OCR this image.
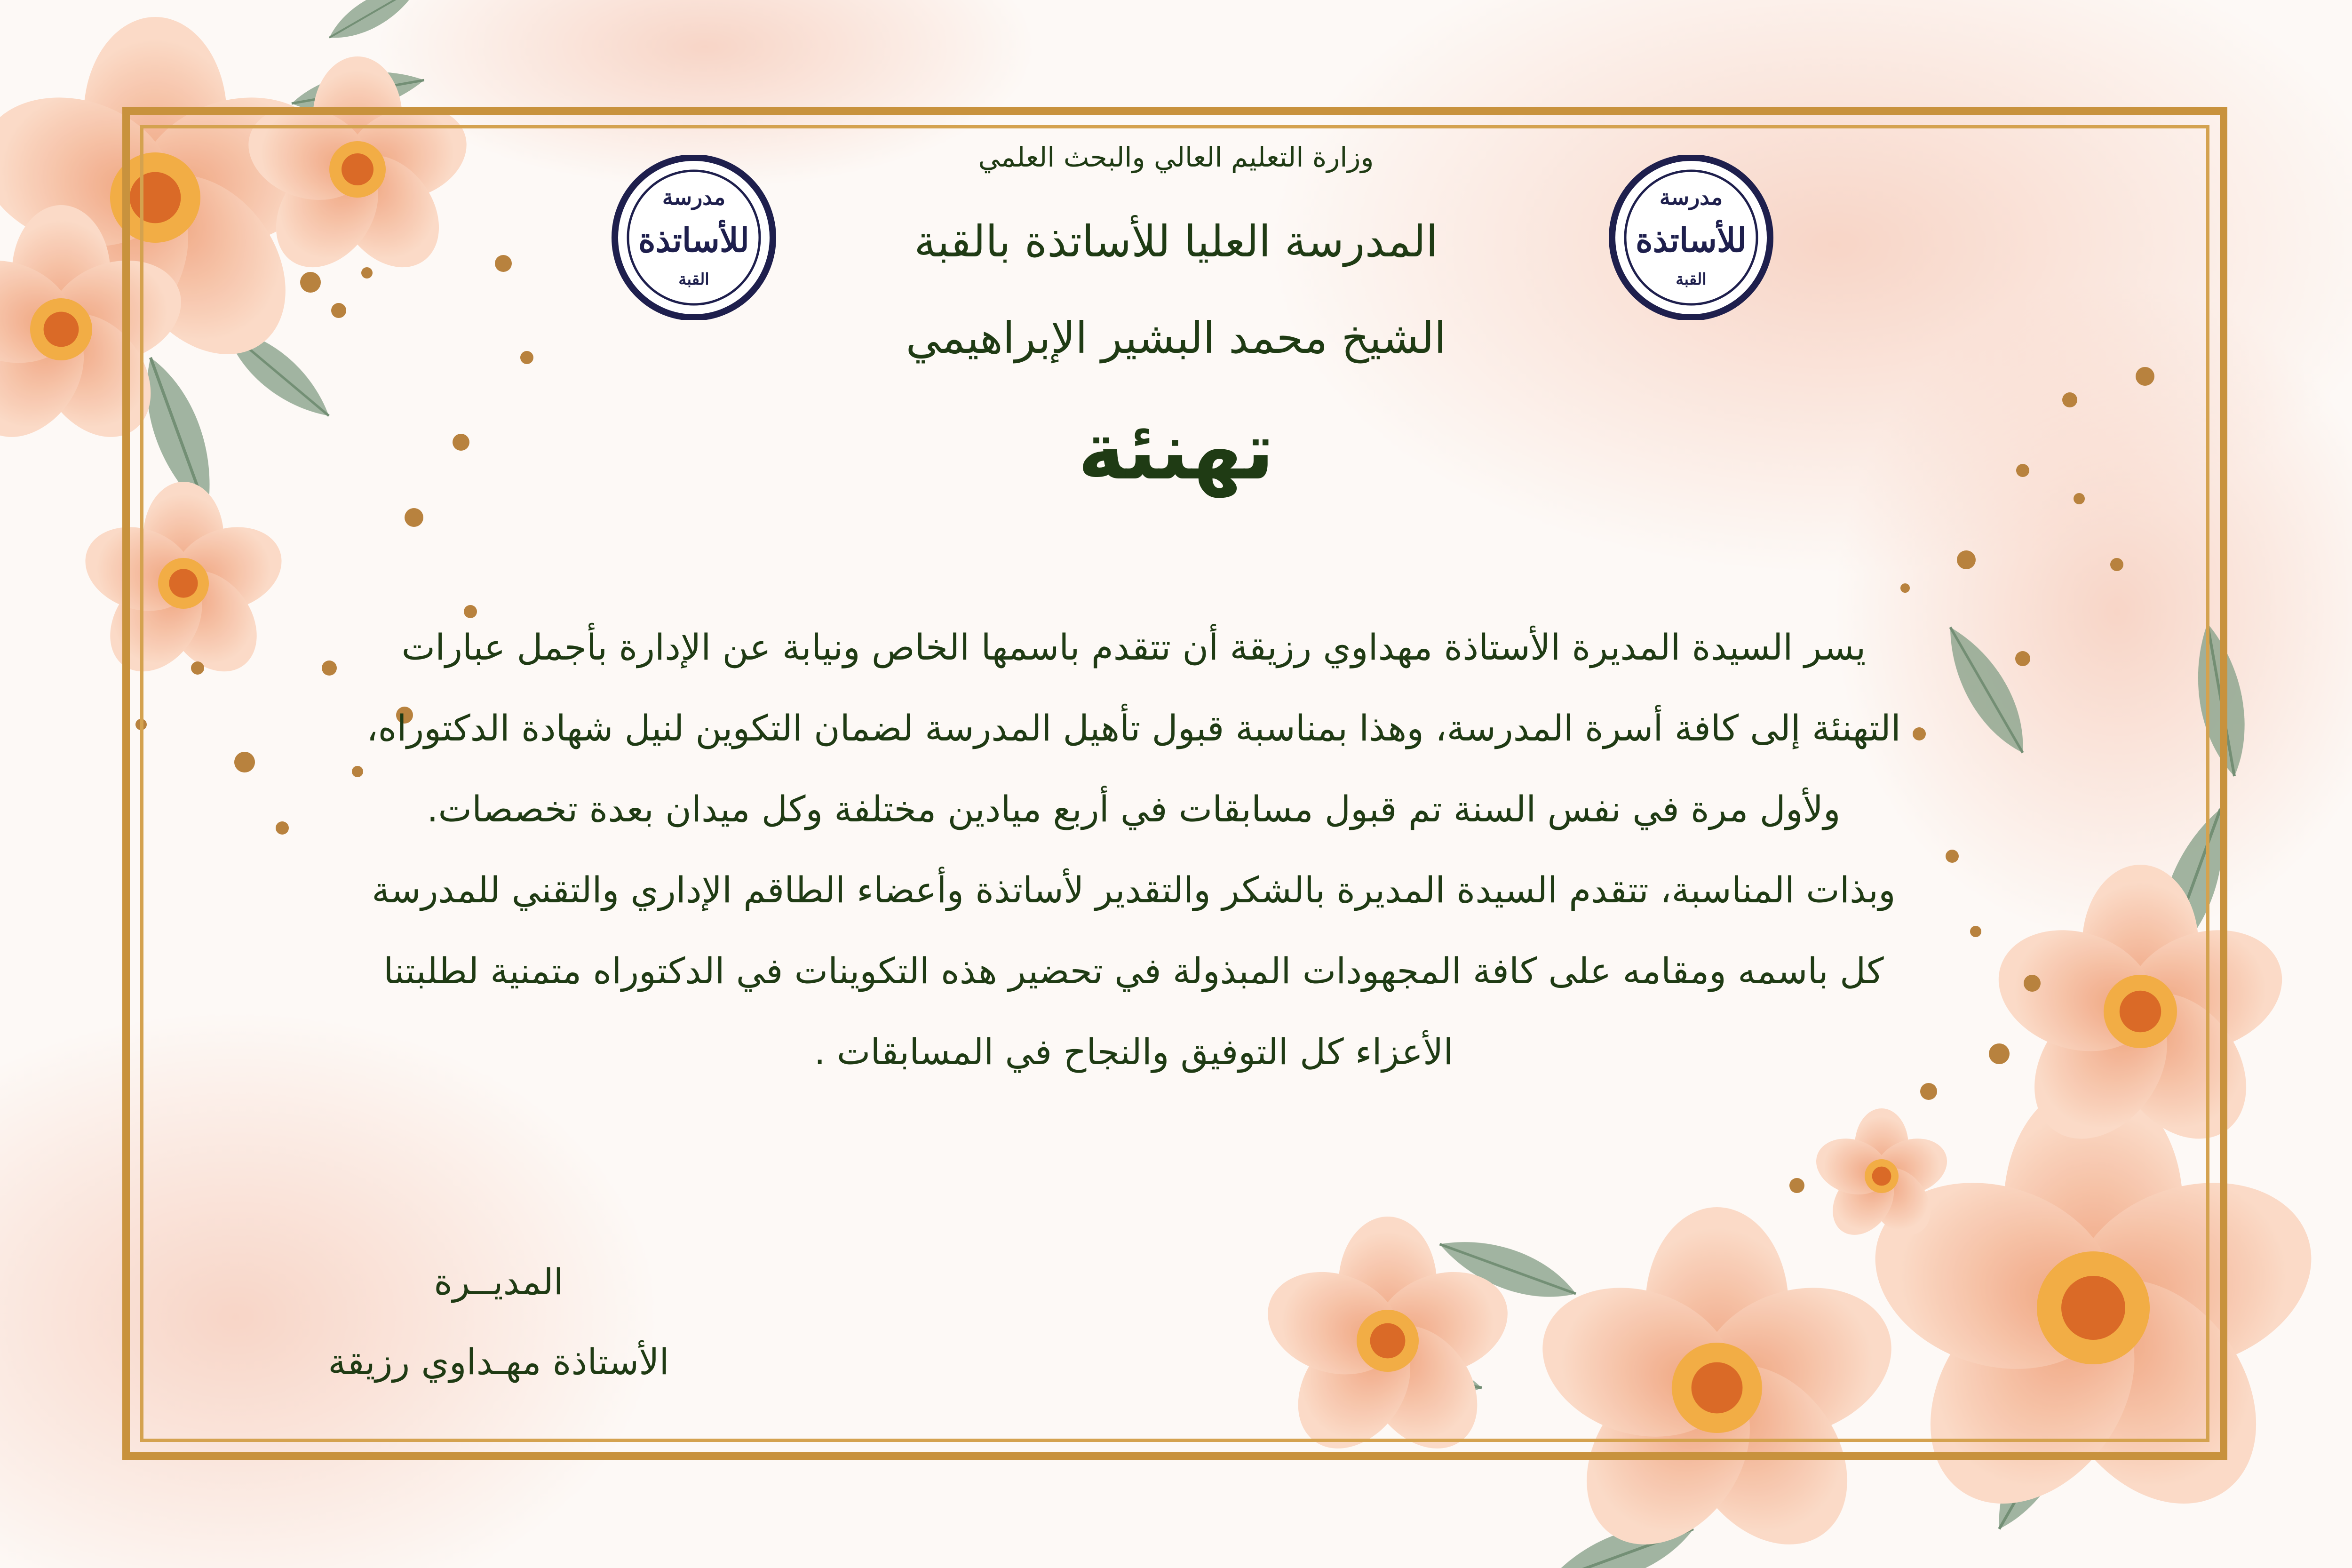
مدرسة
للأساتذة
القبة
مدرسة
للأساتذة
القبة
وزارة التعليم العالي والبحث العلمي
المدرسة العليا للأساتذة بالقبة
الشيخ محمد البشير الإبراهيمي
تهنئة

يسر السيدة المديرة الأستاذة مهداوي رزيقة أن تتقدم باسمها الخاص ونيابة عن الإدارة بأجمل عبارات التهنئة إلى كافة أسرة المدرسة، وهذا بمناسبة قبول تأهيل المدرسة لضمان التكوين لنيل شهادة الدكتوراه، ولأول مرة في نفس السنة تم قبول مسابقات في أربع ميادين مختلفة وكل ميدان بعدة تخصصات.

وبذات المناسبة، تتقدم السيدة المديرة بالشكر والتقدير لأساتذة وأعضاء الطاقم الإداري والتقني للمدرسة كل باسمه ومقامه على كافة المجهودات المبذولة في تحضير هذه التكوينات في الدكتوراه متمنية لطلبتنا الأعزاء كل التوفيق والنجاح في المسابقات .

المديــرة
الأستاذة مهـداوي رزيقة
